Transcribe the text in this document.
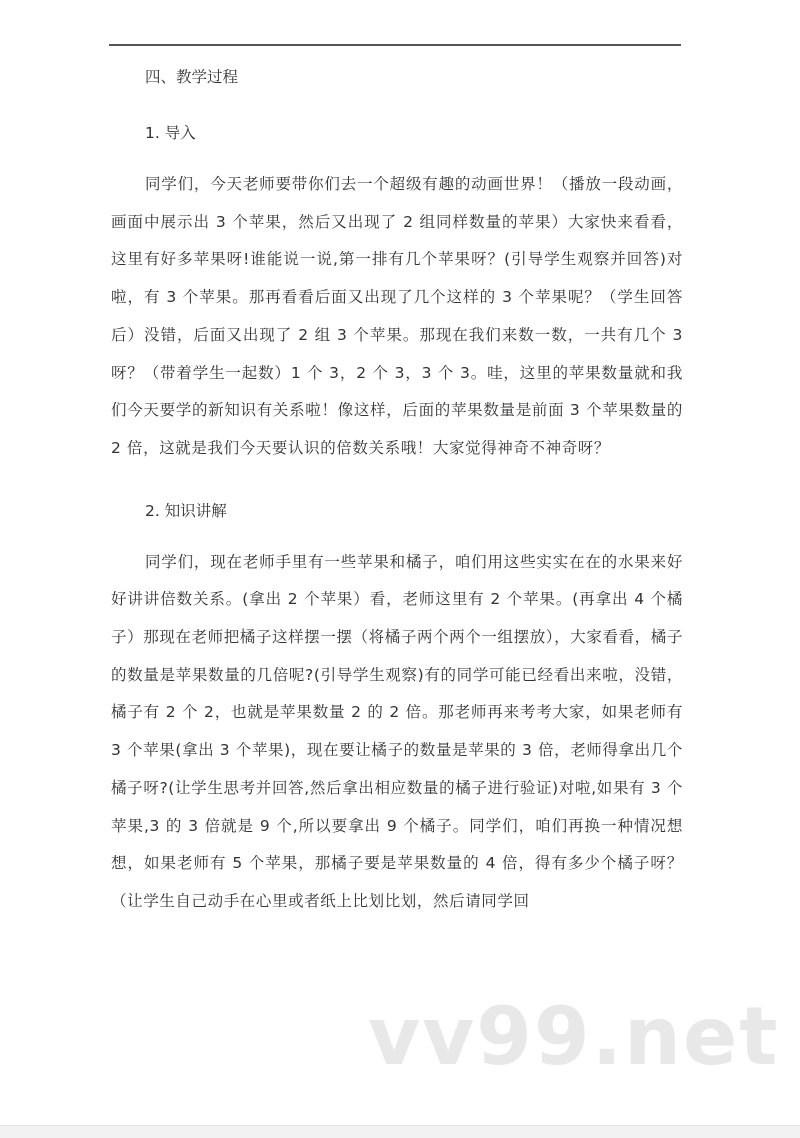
四、教学过程

1. 导入

同学们，今天老师要带你们去一个超级有趣的动画世界！（播放一段动画，画面中展示出 3 个苹果，然后又出现了 2 组同样数量的苹果）大家快来看看，这里有好多苹果呀!谁能说一说,第一排有几个苹果呀？(引导学生观察并回答)对啦，有 3 个苹果。那再看看后面又出现了几个这样的 3 个苹果呢？（学生回答后）没错，后面又出现了 2 组 3 个苹果。那现在我们来数一数，一共有几个 3 呀？（带着学生一起数）1 个 3，2 个 3，3 个 3。哇，这里的苹果数量就和我们今天要学的新知识有关系啦！像这样，后面的苹果数量是前面 3 个苹果数量的 2 倍，这就是我们今天要认识的倍数关系哦！大家觉得神奇不神奇呀？

2. 知识讲解

同学们，现在老师手里有一些苹果和橘子，咱们用这些实实在在的水果来好好讲讲倍数关系。(拿出 2 个苹果）看，老师这里有 2 个苹果。(再拿出 4 个橘子）那现在老师把橘子这样摆一摆（将橘子两个两个一组摆放），大家看看，橘子的数量是苹果数量的几倍呢?(引导学生观察)有的同学可能已经看出来啦，没错，橘子有 2 个 2，也就是苹果数量 2 的 2 倍。那老师再来考考大家，如果老师有 3 个苹果(拿出 3 个苹果)，现在要让橘子的数量是苹果的 3 倍，老师得拿出几个橘子呀?(让学生思考并回答,然后拿出相应数量的橘子进行验证)对啦,如果有 3 个苹果,3 的 3 倍就是 9 个,所以要拿出 9 个橘子。同学们，咱们再换一种情况想想，如果老师有 5 个苹果，那橘子要是苹果数量的 4 倍，得有多少个橘子呀？（让学生自己动手在心里或者纸上比划比划，然后请同学回

vv99.net
